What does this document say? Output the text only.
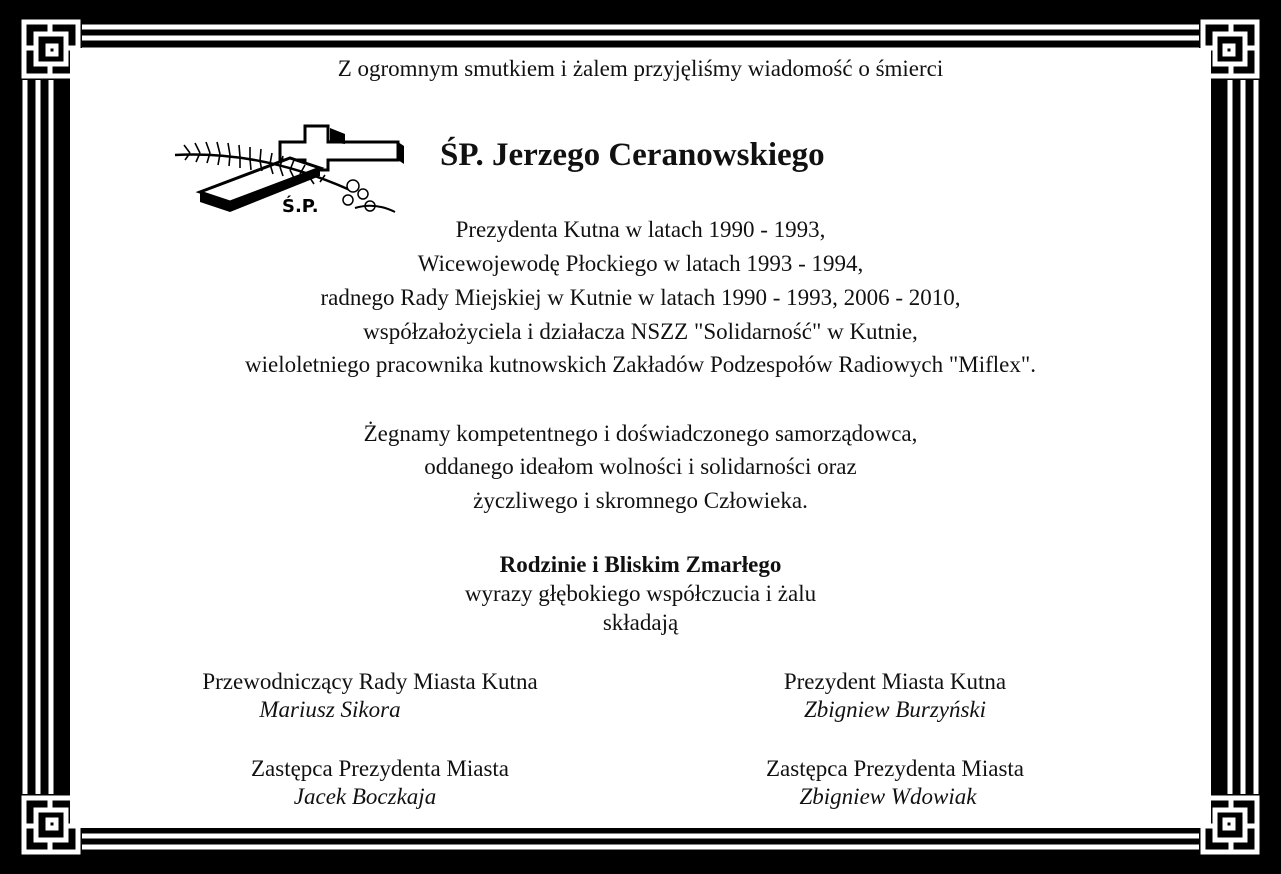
Z ogromnym smutkiem i żalem przyjęliśmy wiadomość o śmierci
Ś.P.
ŚP. Jerzego Ceranowskiego
Prezydenta Kutna w latach 1990 - 1993,
Wicewojewodę Płockiego w latach 1993 - 1994,
radnego Rady Miejskiej w Kutnie w latach 1990 - 1993, 2006 - 2010,
współzałożyciela i działacza NSZZ "Solidarność" w Kutnie,
wieloletniego pracownika kutnowskich Zakładów Podzespołów Radiowych "Miflex".
Żegnamy kompetentnego i doświadczonego samorządowca,
oddanego ideałom wolności i solidarności oraz
życzliwego i skromnego Człowieka.
Rodzinie i Bliskim Zmarłego
wyrazy głębokiego współczucia i żalu
składają
Przewodniczący Rady Miasta Kutna
Mariusz Sikora
Prezydent Miasta Kutna
Zbigniew Burzyński
Zastępca Prezydenta Miasta
Jacek Boczkaja
Zastępca Prezydenta Miasta
Zbigniew Wdowiak
